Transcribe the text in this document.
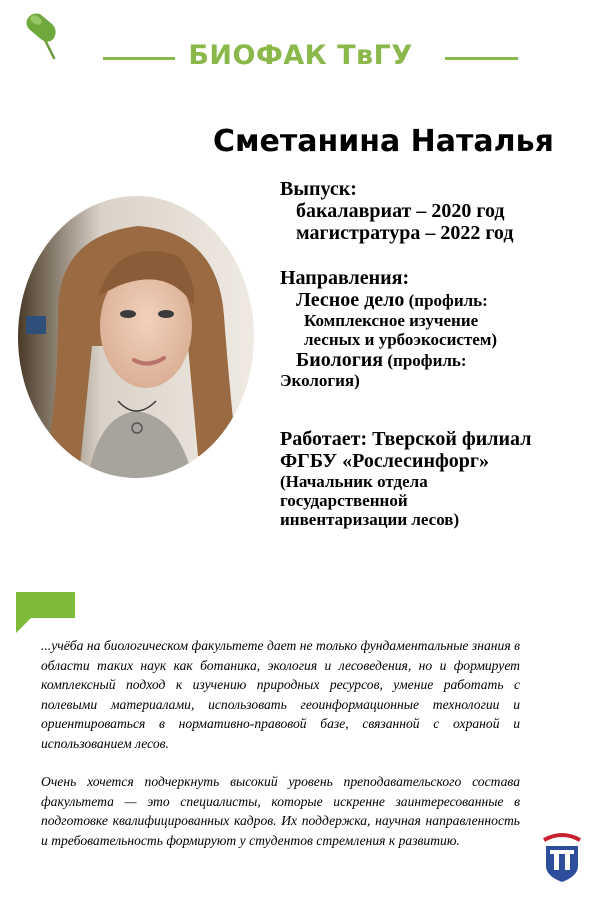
БИОФАК ТвГУ
Сметанина Наталья
Выпуск:
бакалавриат – 2020 год
магистратура – 2022 год
Направления:
Лесное дело (профиль:
Комплексное изучение
лесных и урбоэкосистем)
Биология (профиль:
Экология)
Работает: Тверской филиал
ФГБУ «Рослесинфорг»
(Начальник отдела
государственной
инвентаризации лесов)

...учёба на биологическом факультете дает не только фундаментальные знания в области таких наук как ботаника, экология и лесоведения, но и формирует комплексный подход к изучению природных ресурсов, умение работать с полевыми материалами, использовать геоинформационные технологии и ориентироваться в нормативно-правовой базе, связанной с охраной и использованием лесов.

Очень хочется подчеркнуть высокий уровень преподавательского состава факультета — это специалисты, которые искренне заинтересованные в подготовке квалифицированных кадров. Их поддержка, научная направленность и требовательность формируют у студентов стремления к развитию.
